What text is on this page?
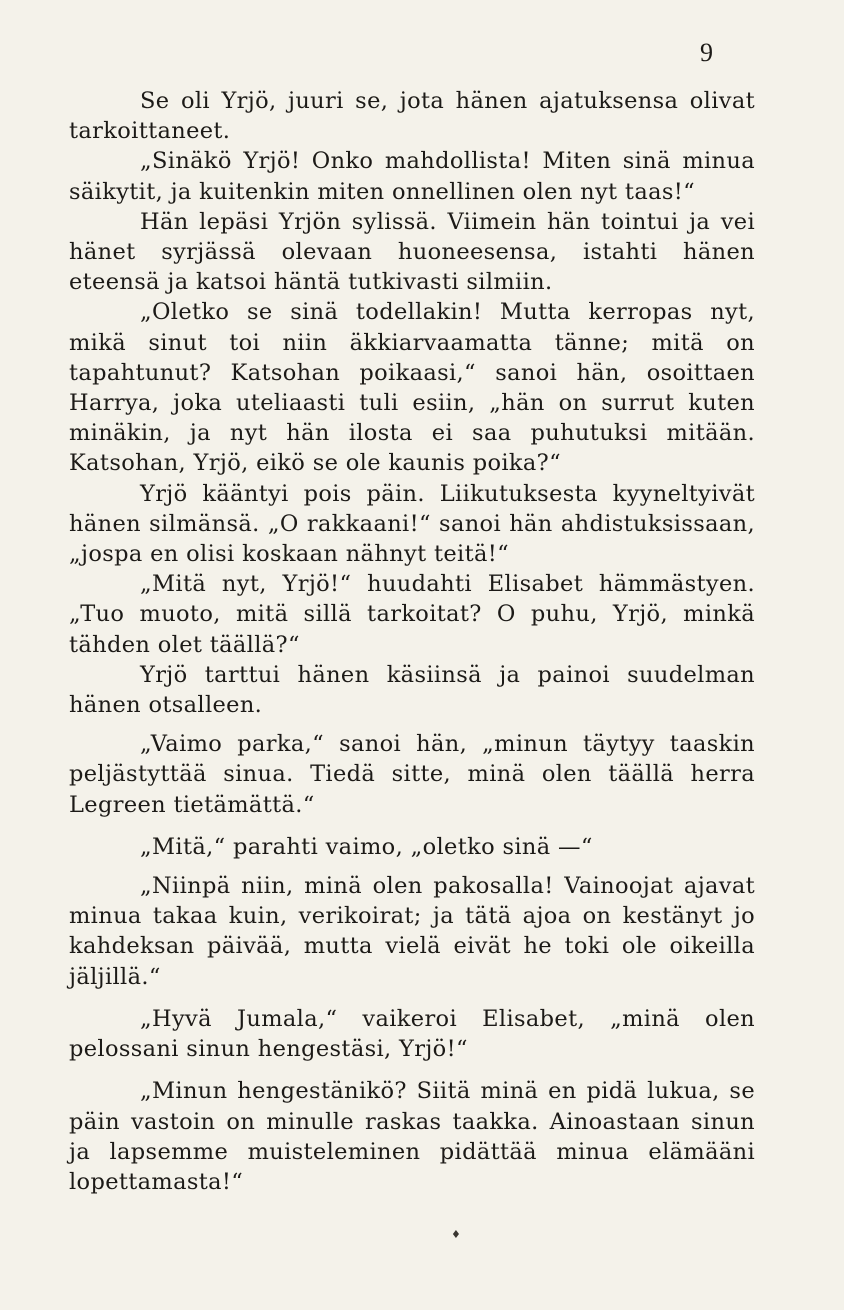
9

Se oli Yrjö, juuri se, jota hänen ajatuksensa olivat tarkoittaneet.

„Sinäkö Yrjö! Onko mahdollista! Miten sinä minua säikytit, ja kuitenkin miten onnellinen olen nyt taas!“

Hän lepäsi Yrjön sylissä. Viimein hän tointui ja vei hänet syrjässä olevaan huoneesensa, istahti hänen eteensä ja katsoi häntä tutkivasti silmiin.

„Oletko se sinä todellakin! Mutta kerropas nyt, mikä sinut toi niin äkkiarvaamatta tänne; mitä on tapahtunut? Katsohan poikaasi,“ sanoi hän, osoittaen Harrya, joka uteliaasti tuli esiin, „hän on surrut kuten minäkin, ja nyt hän ilosta ei saa puhutuksi mitään. Katsohan, Yrjö, eikö se ole kaunis poika?“

Yrjö kääntyi pois päin. Liikutuksesta kyyneltyivät hänen silmänsä. „O rakkaani!“ sanoi hän ahdistuksissaan, „jospa en olisi koskaan nähnyt teitä!“

„Mitä nyt, Yrjö!“ huudahti Elisabet hämmästyen. „Tuo muoto, mitä sillä tarkoitat? O puhu, Yrjö, minkä tähden olet täällä?“

Yrjö tarttui hänen käsiinsä ja painoi suudelman hänen otsalleen.

„Vaimo parka,“ sanoi hän, „minun täytyy taaskin peljästyttää sinua. Tiedä sitte, minä olen täällä herra Legreen tietämättä.“

„Mitä,“ parahti vaimo, „oletko sinä —“

„Niinpä niin, minä olen pakosalla! Vainoojat ajavat minua takaa kuin, verikoirat; ja tätä ajoa on kestänyt jo kahdeksan päivää, mutta vielä eivät he toki ole oikeilla jäljillä.“

„Hyvä Jumala,“ vaikeroi Elisabet, „minä olen pelossani sinun hengestäsi, Yrjö!“

„Minun hengestänikö? Siitä minä en pidä lukua, se päin vastoin on minulle raskas taakka. Ainoastaan sinun ja lapsemme muisteleminen pidättää minua elämääni lopettamasta!“

♦
